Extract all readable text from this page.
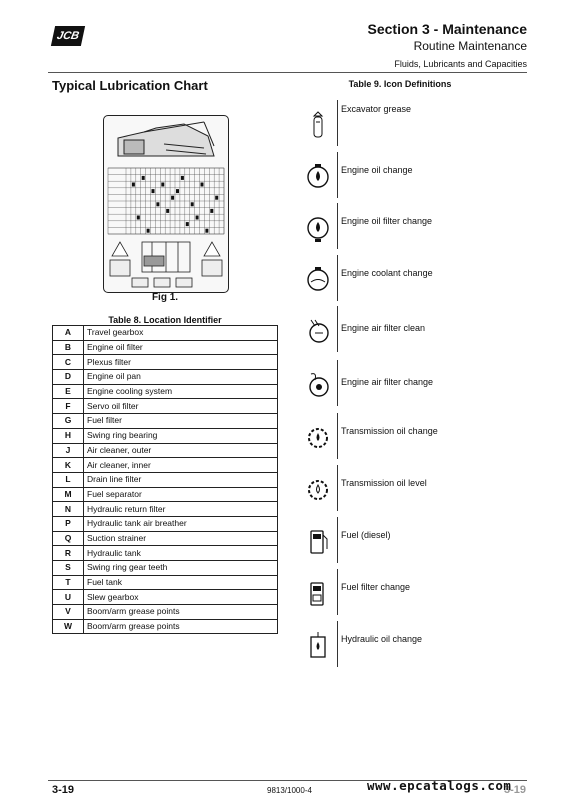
JCB	Section 3 - Maintenance
Routine Maintenance
Fluids, Lubricants and Capacities
Typical Lubrication Chart
Fig 1.
Table 8. Location Identifier
A	Travel gearbox
B	Engine oil filter
C	Plexus filter
D	Engine oil pan
E	Engine cooling system
F	Servo oil filter
G	Fuel filter
H	Swing ring bearing
J	Air cleaner, outer
K	Air cleaner, inner
L	Drain line filter
M	Fuel separator
N	Hydraulic return filter
P	Hydraulic tank air breather
Q	Suction strainer
R	Hydraulic tank
S	Swing ring gear teeth
T	Fuel tank
U	Slew gearbox
V	Boom/arm grease points
W	Boom/arm grease points
Table 9. Icon Definitions
Excavator grease
Engine oil change
Engine oil filter change
Engine coolant change
Engine air filter clean
Engine air filter change
Transmission oil change
Transmission oil level
Fuel (diesel)
Fuel filter change
Hydraulic oil change
3-19	9813/1000-4	3-19
www.epcatalogs.com
